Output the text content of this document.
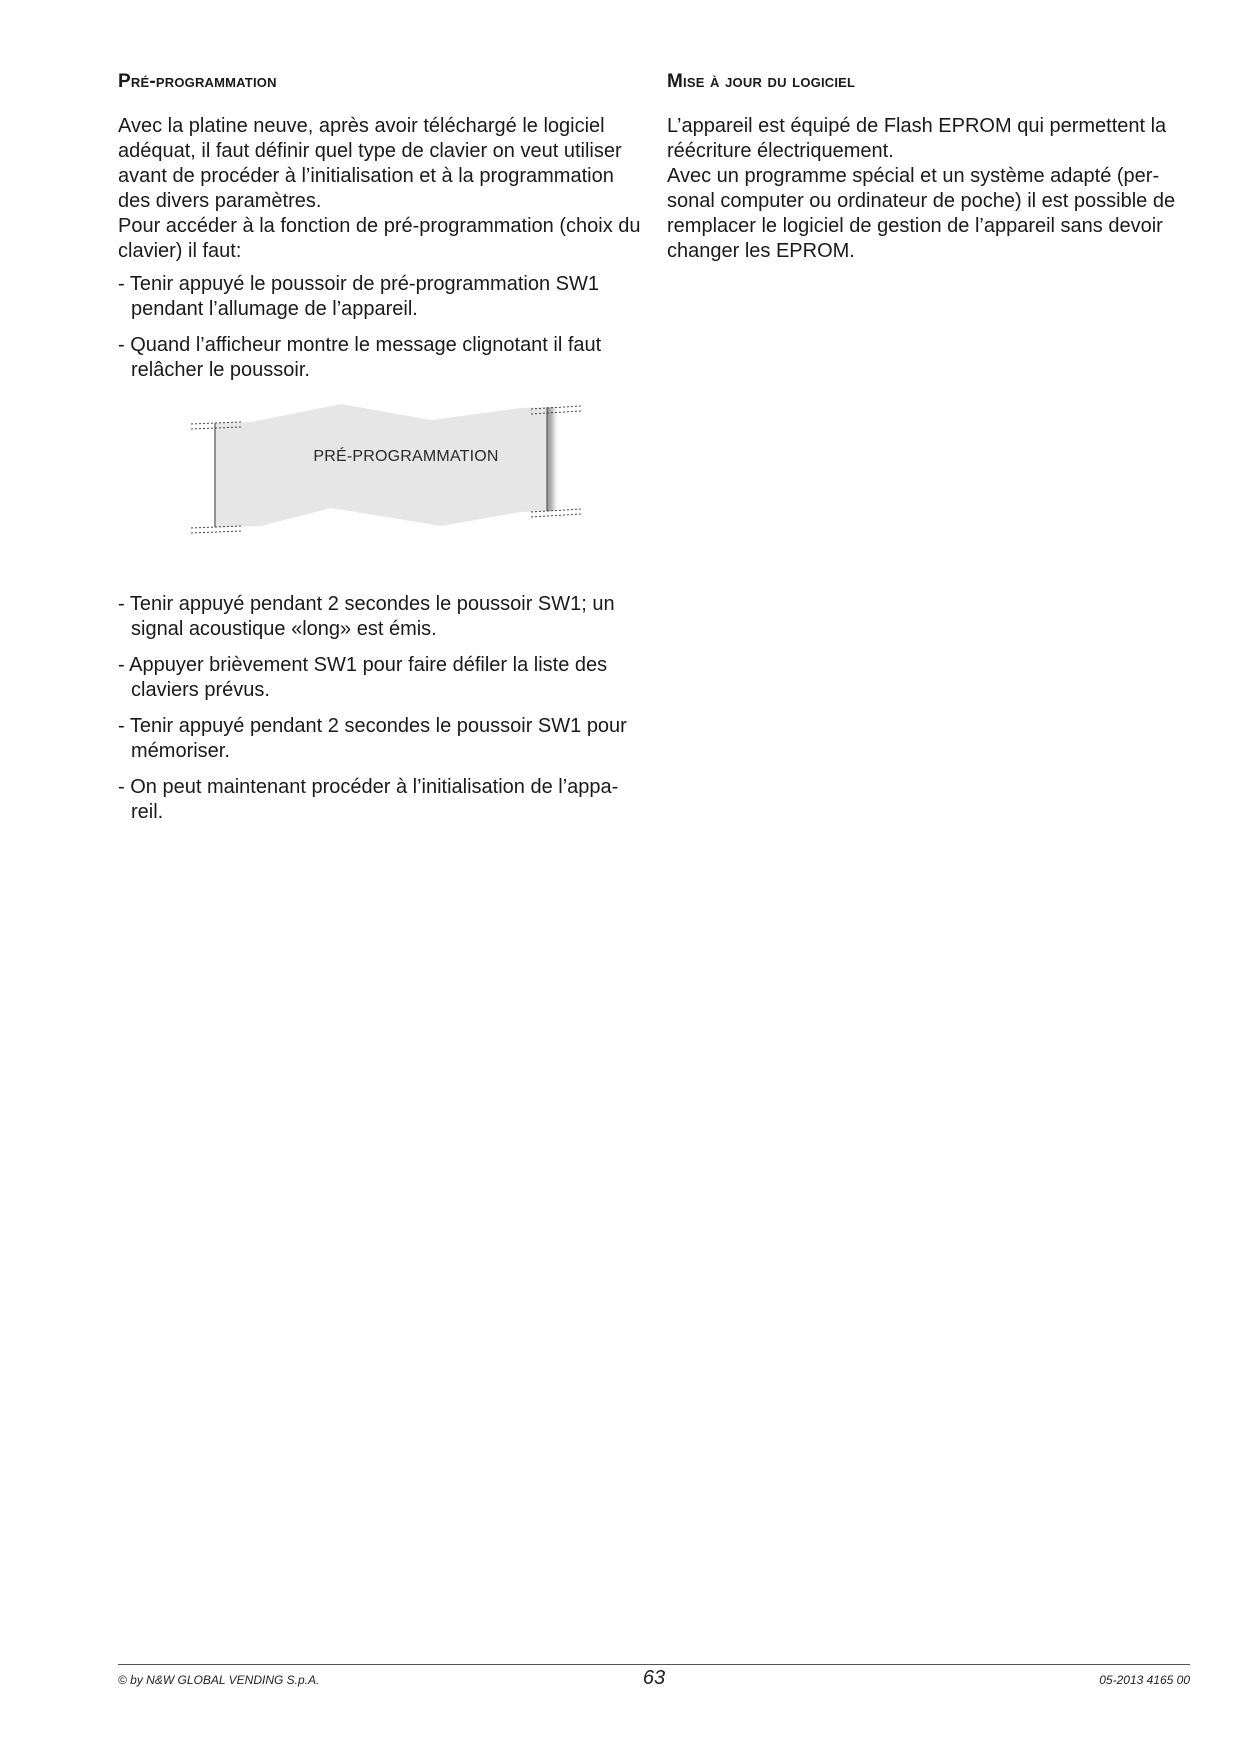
Pré-programmation

Avec la platine neuve, après avoir téléchargé le logiciel adéquat, il faut définir quel type de clavier on veut utiliser avant de procéder à l’initialisation et à la programmation des divers paramètres.

Pour accéder à la fonction de pré-programmation (choix du clavier) il faut:

- Tenir appuyé le poussoir de pré-programmation SW1 pendant l’allumage de l’appareil.
- Quand l’afficheur montre le message clignotant il faut relâcher le poussoir.
PRÉ-PROGRAMMATION
- Tenir appuyé pendant 2 secondes le poussoir SW1; un signal acoustique «long» est émis.
- Appuyer brièvement SW1 pour faire défiler la liste des claviers prévus.
- Tenir appuyé pendant 2 secondes le poussoir SW1 pour mémoriser.
- On peut maintenant procéder à l’initialisation de l’appa-reil.
Mise à jour du logiciel

L’appareil est équipé de Flash EPROM qui permettent la réécriture électriquement.

Avec un programme spécial et un système adapté (per-sonal computer ou ordinateur de poche) il est possible de remplacer le logiciel de gestion de l’appareil sans devoir changer les EPROM.

© by N&W GLOBAL VENDING S.p.A.	63	05-2013 4165 00
